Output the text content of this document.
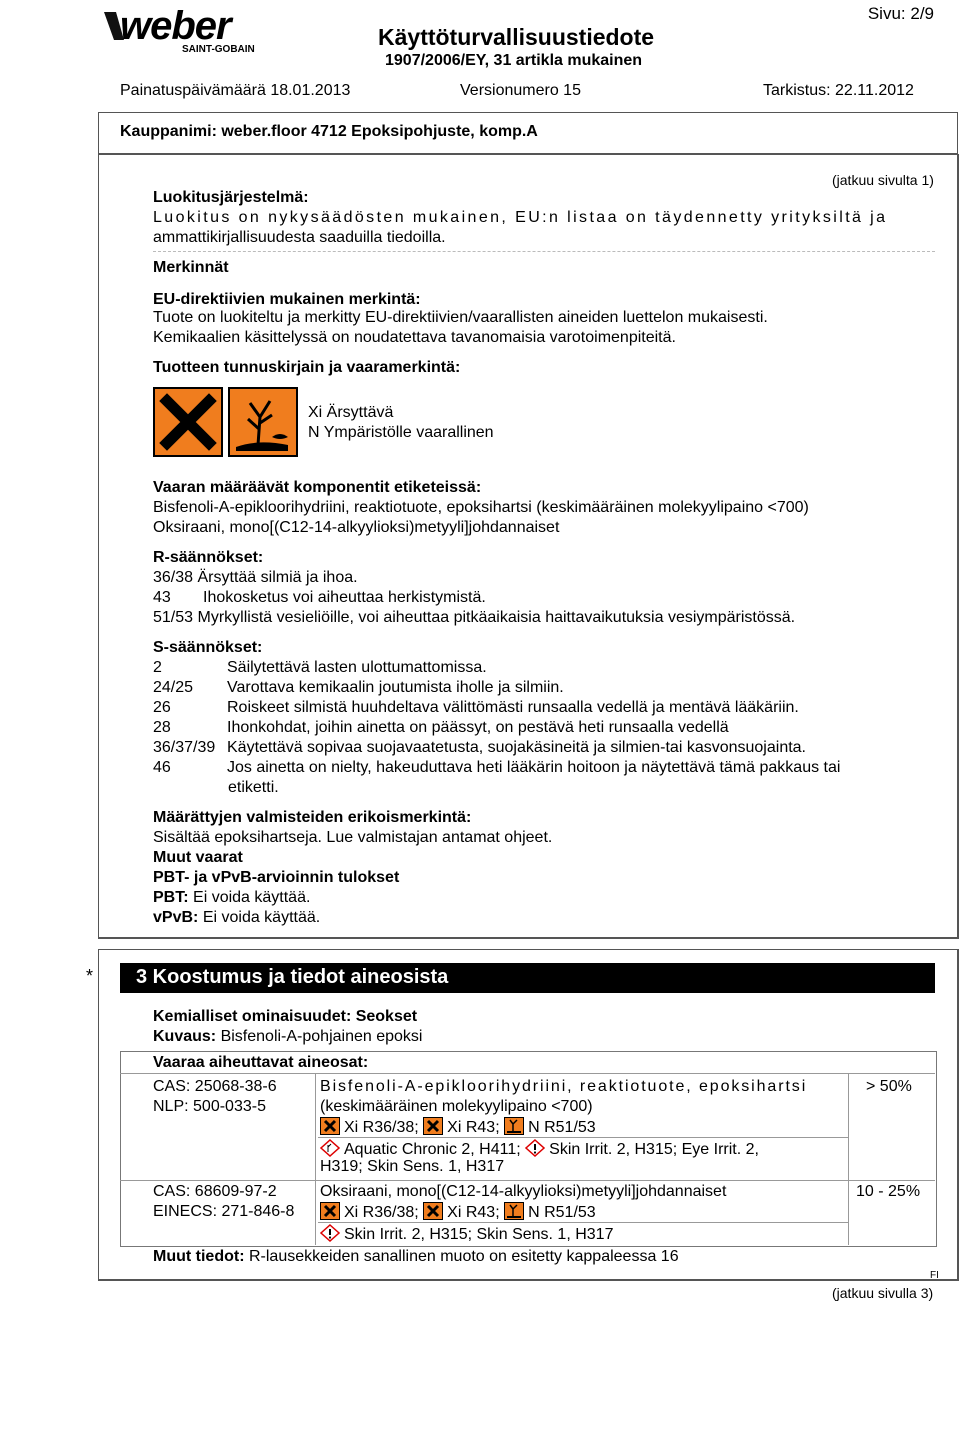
weber
SAINT-GOBAIN	Käyttöturvallisuustiedote
1907/2006/EY, 31 artikla mukainen
Sivu: 2/9
Painatuspäivämäärä 18.01.2013	Versionumero 15	Tarkistus: 22.11.2012
Kauppanimi: weber.floor 4712 Epoksipohjuste, komp.A
(jatkuu sivulta 1)
Luokitusjärjestelmä:
Luokitus on nykysäädösten mukainen, EU:n listaa on täydennetty yrityksiltä ja
ammattikirjallisuudesta saaduilla tiedoilla.
Merkinnät
EU-direktiivien mukainen merkintä:
Tuote on luokiteltu ja merkitty EU-direktiivien/vaarallisten aineiden luettelon mukaisesti.
Kemikaalien käsittelyssä on noudatettava tavanomaisia varotoimenpiteitä.
Tuotteen tunnuskirjain ja vaaramerkintä:
Xi Ärsyttävä
N Ympäristölle vaarallinen
Vaaran määräävät komponentit etiketeissä:
Bisfenoli-A-epikloorihydriini, reaktiotuote, epoksihartsi (keskimääräinen molekyylipaino <700)
Oksiraani, mono[(C12-14-alkyylioksi)metyyli]johdannaiset
R-säännökset:
36/38 Ärsyttää silmiä ja ihoa.
43 Ihokosketus voi aiheuttaa herkistymistä.
51/53 Myrkyllistä vesieliöille, voi aiheuttaa pitkäaikaisia haittavaikutuksia vesiympäristössä.
S-säännökset:
2	Säilytettävä lasten ulottumattomissa.
24/25 Varottava kemikaalin joutumista iholle ja silmiin.
26	Roiskeet silmistä huuhdeltava välittömästi runsaalla vedellä ja mentävä lääkäriin.
28	Ihonkohdat, joihin ainetta on päässyt, on pestävä heti runsaalla vedellä
36/37/39 Käytettävä sopivaa suojavaatetusta, suojakäsineitä ja silmien-tai kasvonsuojainta.
46	Jos ainetta on nielty, hakeuduttava heti lääkärin hoitoon ja näytettävä tämä pakkaus tai
etiketti.
Määrättyjen valmisteiden erikoismerkintä:
Sisältää epoksihartseja. Lue valmistajan antamat ohjeet.
Muut vaarat
PBT- ja vPvB-arvioinnin tulokset
PBT: Ei voida käyttää.
vPvB: Ei voida käyttää.
* 3 Koostumus ja tiedot aineosista
Kemialliset ominaisuudet: Seokset
Kuvaus: Bisfenoli-A-pohjainen epoksi
Vaaraa aiheuttavat aineosat:
CAS: 25068-38-6
NLP: 500-033-5
Bisfenoli-A-epikloorihydriini, reaktiotuote, epoksihartsi
(keskimääräinen molekyylipaino <700)
Xi R36/38; Xi R43; N R51/53
Aquatic Chronic 2, H411; Skin Irrit. 2, H315; Eye Irrit. 2,
H319; Skin Sens. 1, H317
> 50%
CAS: 68609-97-2
EINECS: 271-846-8
Oksiraani, mono[(C12-14-alkyylioksi)metyyli]johdannaiset
Xi R36/38; Xi R43; N R51/53
Skin Irrit. 2, H315; Skin Sens. 1, H317
10 - 25%
Muut tiedot: R-lausekkeiden sanallinen muoto on esitetty kappaleessa 16
FI
(jatkuu sivulla 3)
